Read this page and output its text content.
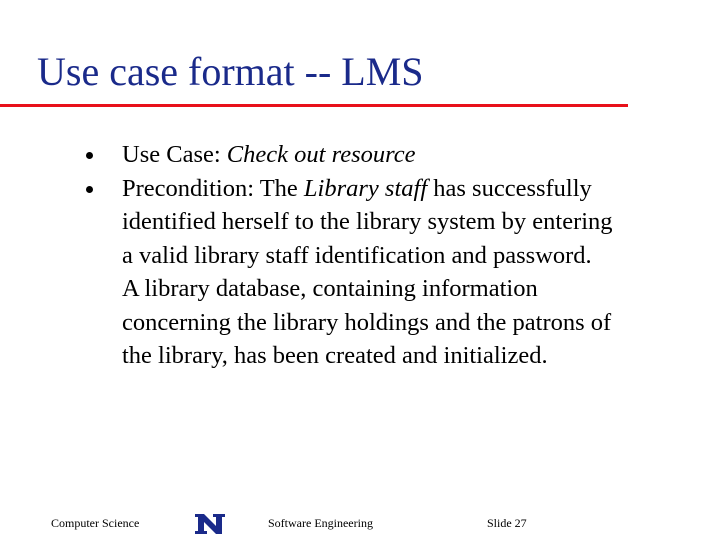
Use case format -- LMS
Use Case: Check out resource
Precondition: The Library staff has successfully
identified herself to the library system by entering
a valid library staff identification and password.
A library database, containing information
concerning the library holdings and the patrons of
the library, has been created and initialized.
Computer Science	Software Engineering	Slide 27
